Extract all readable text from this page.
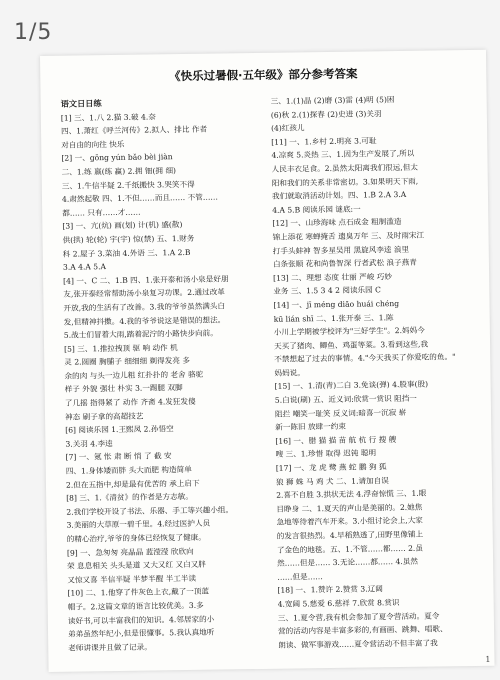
1/5
《快乐过暑假·五年级》部分参考答案
语文日日练
[1] 三、1.八 2.猫 3.破 4.奈
四、1.萧红《呼兰河传》2.拟人、排比 作者
对自由的向往 快乐
[2] 一、gōng yún bǎo bèi jiàn
二、1.练 嬴(练 赢) 2.拥 钿(拥 细)
三、1.牛信半疑 2.千纸搬快 3.哭笑不得
4.肃然起敬 四、1.不但……而且…… 不管……
都…… 只有……才……
[3] 一、亢(炕) 画(划) 计(机) 盛(散)
供(拱) 轮(轮) 宇(宇) 惊(禁) 五、1.财务
科 2.屋子 3.菜油 4.外语 三、1.A 2.B
3.A 4.A 5.A
[4] 一、C 二、1.B 四、1.张开泰和汤小泉是好朋
友,张开泰经常帮助汤小泉复习功课。2.通过改革
开放,我的生活有了改善。3.我的爷爷虽然满头白
发,但精神抖擞。4.我的爷爷说这是错误的想法。
5.战士们冒着大雨,踏着泥泞的小路快步向前。
[5] 三、1.推拉拽顶 驱 响 动作 机
灵 2.圆圈 胸脯子 细细细 剃得发亮 多
余的肉 与头一边儿粗 红扑扑的 老舍 骆驼
样子 外貌 强壮 朴实 3.一踢腿 双脚
了几摇 指得紧了 动作 齐斋 4.发狂发傻
神态 刷子拿的高超技艺
[6] 阅读乐园 1.王熙凤 2.孙悟空
3.关羽 4.李逵
[7] 一、氪 怅 肃 断 悄 了 截 安
四、1.身体矮而胖 头大而肥 构造简单
2.但在五指中,却是最有优苦的 承上启下
[8] 三、1.《清贫》的作者是方志敏。
2.我们学校开设了书法、乐器、手工等兴趣小组。
3.美丽的大草原一碧千里。4.经过医护人员
的精心治疗,爷爷的身体已经恢复了健康。
[9] 一、急匆匆 亮晶晶 蓝滢滢 欣欣向
荣 息息相关 头头是道 又大又红 又白又胖
又惊又喜 半信半疑 半梦半醒 半工半读
[10] 二、1.他穿了件灰色上衣,戴了一顶蓝
帽子。2.这篇文章的语言比较优美。3.多
读好书,可以丰富我们的知识。4.邻居家的小
弟弟虽然年纪小,但是很懂事。5.我认真地听
老师讲课并且做了记录。
三、1.(1)晶 (2)磨 (3)雷 (4)明 (5)困
(6)秋 2.(1)探春 (2)史进 (3)关羽
(4)红孩儿
[11] 一、1.乡村 2.明亮 3.可耻
4.凉爽 5.炎热 三、1.因为生产发展了,所以
人民丰衣足食。2.虽然太阳离我们很远,但太
阳和我们的关系非常密切。3.如果明天下雨,
我们就取消活动计划。四、1.B 2.A 3.A
4.A 5.B 阅读乐园 谜底:一
[12] 一、山珍海味 点石成金 粗制滥造
锦上添花 寒蝉掩舌 遗臭万年 三、及时雨宋江
打手头蚌神 智多星吴用 黑旋风李逵 浪里
白条张顺 花和尚鲁智深 行者武松 浪子燕青
[13] 二、理想 态度 壮丽 严峻 巧妙
业务 三、1.5 3 4 2 阅读乐园 C
[14] 一、jī méng diāo huái chéng
kū lián shī 二、1.张开泰 三、1.陈
小川上学期被学校评为"三好学生"。2.妈妈今
天买了猪肉、鲫鱼、鸡蛋等菜。3.看到这些,我
不禁想起了过去的事情。4."今天我买了你爱吃的鱼。"
妈妈说。
[15] 一、1.清(青)二白 3.免谈(弹) 4.股事(股)
5.白说(刷) 五、近义词:欣赏一赏识 阻挡一
阻拦 嘲笑一耻笑 反义词:暗喜一沉寂 崭
新一陈旧 放肆一约束
[16] 一、腊 猫 描 苗 航 杭 行 搜 艘
嗖 三、1.珍惜 取得 迟钝 聪明
[17] 一、龙 虎 鹭 燕 蛇 鹏 狗 狐
狼 狮 蛛 马 鸡 犬 二、1.请加自误
2.喜不自胜 3.拱状无法 4.浮奋惊慌 三、1.眼
目睁身 二、1.夏天的声山是美丽的。2.她焦
急地等待着汽车开来。3.小组讨论会上,大家
的发言很热烈。4.早稻熟透了,田野里像铺上
了金色的地毯。五、1.不管……都…… 2.虽
然……但是…… 3.无论……都…… 4.虽然
……但是……
[18] 一、1.赞许 2.赞赏 3.辽阔
4.宽阔 5.慈爱 6.慈祥 7.欣赏 8.赏识
三、1.夏令营,我有机会参加了夏令营活动。夏令
营的活动内容是丰富多彩的,有画画、跳舞、唱歌、
朗读、做军事游戏……夏令营活动不但丰富了我
1
